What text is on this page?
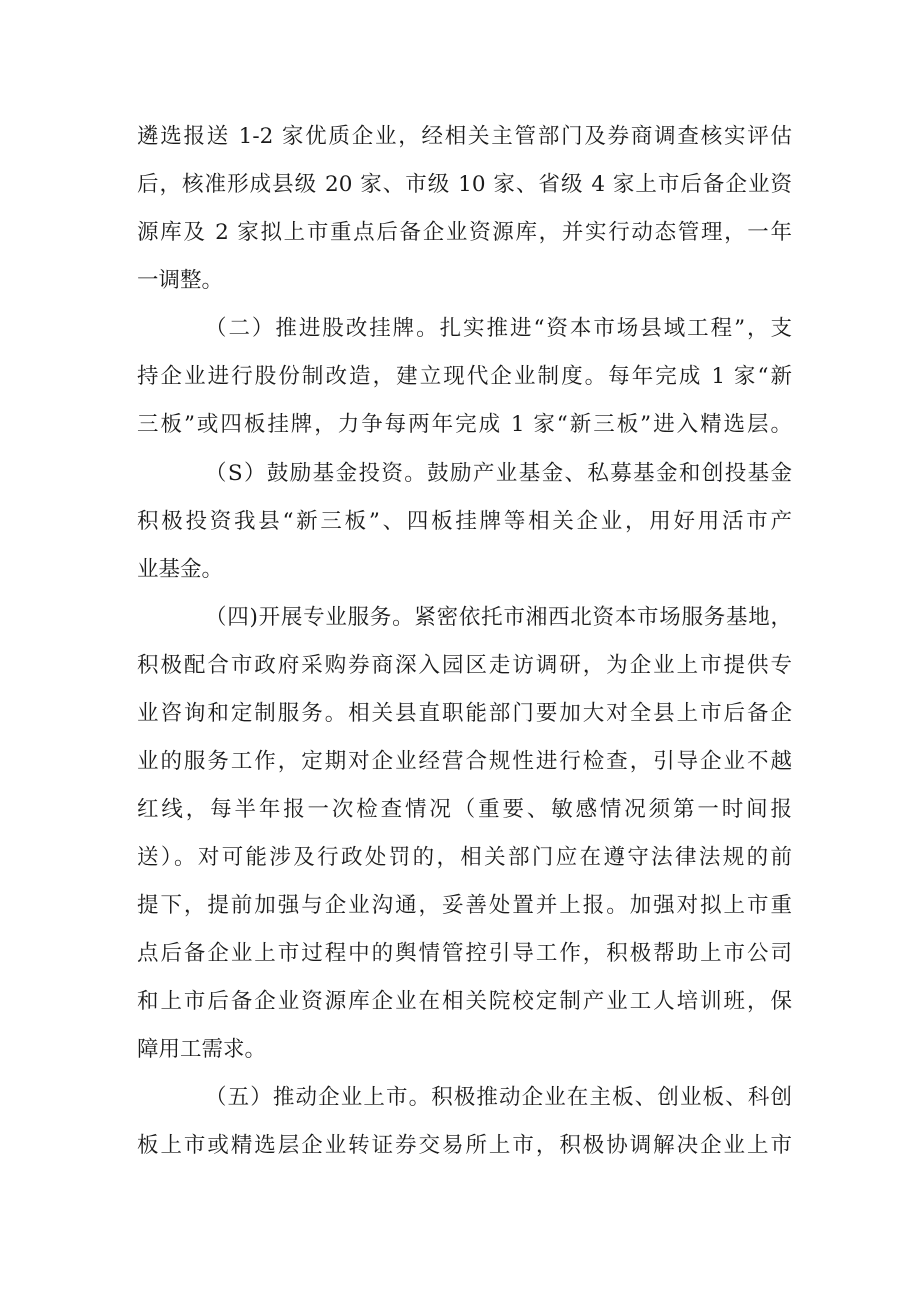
遴选报送 1-2 家优质企业，经相关主管部门及券商调查核实评估
后，核准形成县级 20 家、市级 10 家、省级 4 家上市后备企业资
源库及 2 家拟上市重点后备企业资源库，并实行动态管理，一年
一调整。
（二）推进股改挂牌。扎实推进“资本市场县域工程”，支
持企业进行股份制改造，建立现代企业制度。每年完成 1 家“新
三板”或四板挂牌，力争每两年完成 1 家“新三板”进入精选层。
（S）鼓励基金投资。鼓励产业基金、私募基金和创投基金
积极投资我县“新三板”、四板挂牌等相关企业，用好用活市产
业基金。
（四)开展专业服务。紧密依托市湘西北资本市场服务基地，
积极配合市政府采购券商深入园区走访调研，为企业上市提供专
业咨询和定制服务。相关县直职能部门要加大对全县上市后备企
业的服务工作，定期对企业经营合规性进行检查，引导企业不越
红线，每半年报一次检查情况（重要、敏感情况须第一时间报
送）。对可能涉及行政处罚的，相关部门应在遵守法律法规的前
提下，提前加强与企业沟通，妥善处置并上报。加强对拟上市重
点后备企业上市过程中的舆情管控引导工作，积极帮助上市公司
和上市后备企业资源库企业在相关院校定制产业工人培训班，保
障用工需求。
（五）推动企业上市。积极推动企业在主板、创业板、科创
板上市或精选层企业转证券交易所上市，积极协调解决企业上市
